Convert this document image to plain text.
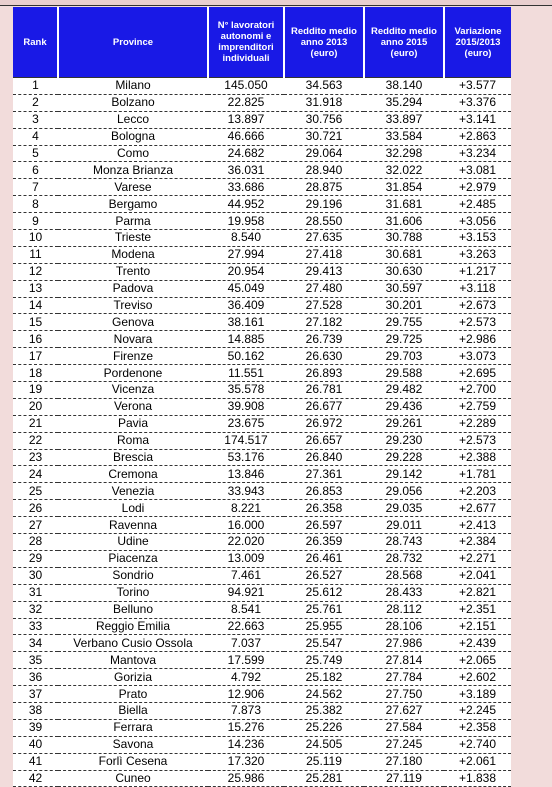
Rank	Province	N° lavoratori autonomi e imprenditori individuali	Reddito medio anno 2013 (euro)	Reddito medio anno 2015 (euro)	Variazione 2015/2013 (euro)
1	Milano	145.050	34.563	38.140	+3.577
2	Bolzano	22.825	31.918	35.294	+3.376
3	Lecco	13.897	30.756	33.897	+3.141
4	Bologna	46.666	30.721	33.584	+2.863
5	Como	24.682	29.064	32.298	+3.234
6	Monza Brianza	36.031	28.940	32.022	+3.081
7	Varese	33.686	28.875	31.854	+2.979
8	Bergamo	44.952	29.196	31.681	+2.485
9	Parma	19.958	28.550	31.606	+3.056
10	Trieste	8.540	27.635	30.788	+3.153
11	Modena	27.994	27.418	30.681	+3.263
12	Trento	20.954	29.413	30.630	+1.217
13	Padova	45.049	27.480	30.597	+3.118
14	Treviso	36.409	27.528	30.201	+2.673
15	Genova	38.161	27.182	29.755	+2.573
16	Novara	14.885	26.739	29.725	+2.986
17	Firenze	50.162	26.630	29.703	+3.073
18	Pordenone	11.551	26.893	29.588	+2.695
19	Vicenza	35.578	26.781	29.482	+2.700
20	Verona	39.908	26.677	29.436	+2.759
21	Pavia	23.675	26.972	29.261	+2.289
22	Roma	174.517	26.657	29.230	+2.573
23	Brescia	53.176	26.840	29.228	+2.388
24	Cremona	13.846	27.361	29.142	+1.781
25	Venezia	33.943	26.853	29.056	+2.203
26	Lodi	8.221	26.358	29.035	+2.677
27	Ravenna	16.000	26.597	29.011	+2.413
28	Udine	22.020	26.359	28.743	+2.384
29	Piacenza	13.009	26.461	28.732	+2.271
30	Sondrio	7.461	26.527	28.568	+2.041
31	Torino	94.921	25.612	28.433	+2.821
32	Belluno	8.541	25.761	28.112	+2.351
33	Reggio Emilia	22.663	25.955	28.106	+2.151
34	Verbano Cusio Ossola	7.037	25.547	27.986	+2.439
35	Mantova	17.599	25.749	27.814	+2.065
36	Gorizia	4.792	25.182	27.784	+2.602
37	Prato	12.906	24.562	27.750	+3.189
38	Biella	7.873	25.382	27.627	+2.245
39	Ferrara	15.276	25.226	27.584	+2.358
40	Savona	14.236	24.505	27.245	+2.740
41	Forlì Cesena	17.320	25.119	27.180	+2.061
42	Cuneo	25.986	25.281	27.119	+1.838
